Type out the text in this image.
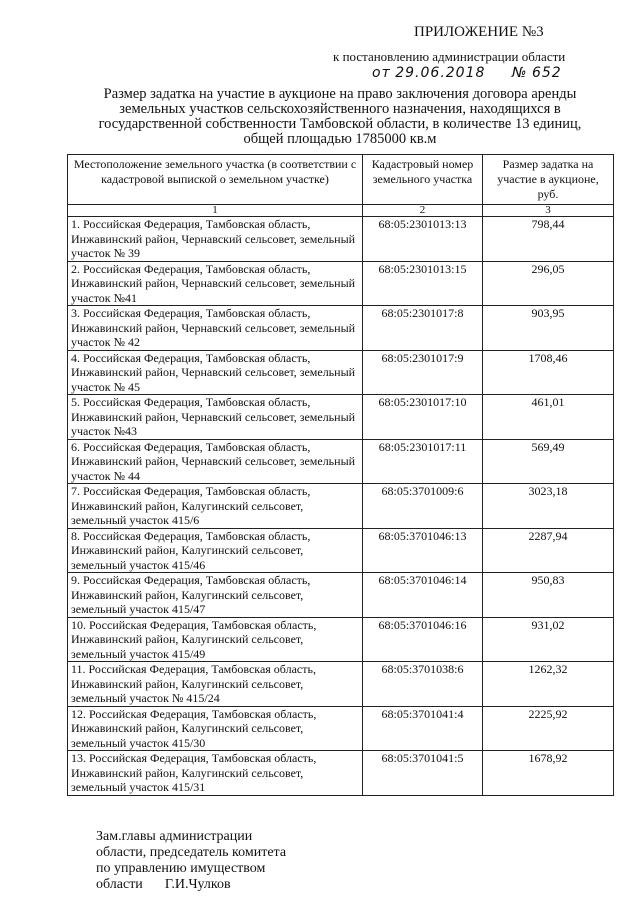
ПРИЛОЖЕНИЕ №3
к постановлению администрации области
от 29.06.2018 № 652
Размер задатка на участие в аукционе на право заключения договора аренды
земельных участков сельскохозяйственного назначения, находящихся в
государственной собственности Тамбовской области, в количестве 13 единиц,
общей площадью 1785000 кв.м
Местоположение земельного участка (в соответствии с кадастровой выпиской о земельном участке)	Кадастровый номер земельного участка	Размер задатка на участие в аукционе, руб.
1	2	3
1. Российская Федерация, Тамбовская область, Инжавинский район, Чернавский сельсовет, земельный участок № 39	68:05:2301013:13	798,44
2. Российская Федерация, Тамбовская область, Инжавинский район, Чернавский сельсовет, земельный участок №41	68:05:2301013:15	296,05
3. Российская Федерация, Тамбовская область, Инжавинский район, Чернавский сельсовет, земельный участок № 42	68:05:2301017:8	903,95
4. Российская Федерация, Тамбовская область, Инжавинский район, Чернавский сельсовет, земельный участок № 45	68:05:2301017:9	1708,46
5. Российская Федерация, Тамбовская область, Инжавинский район, Чернавский сельсовет, земельный участок №43	68:05:2301017:10	461,01
6. Российская Федерация, Тамбовская область, Инжавинский район, Чернавский сельсовет, земельный участок № 44	68:05:2301017:11	569,49
7. Российская Федерация, Тамбовская область, Инжавинский район, Калугинский сельсовет, земельный участок 415/6	68:05:3701009:6	3023,18
8. Российская Федерация, Тамбовская область, Инжавинский район, Калугинский сельсовет, земельный участок 415/46	68:05:3701046:13	2287,94
9. Российская Федерация, Тамбовская область, Инжавинский район, Калугинский сельсовет, земельный участок 415/47	68:05:3701046:14	950,83
10. Российская Федерация, Тамбовская область, Инжавинский район, Калугинский сельсовет, земельный участок 415/49	68:05:3701046:16	931,02
11. Российская Федерация, Тамбовская область, Инжавинский район, Калугинский сельсовет, земельный участок № 415/24	68:05:3701038:6	1262,32
12. Российская Федерация, Тамбовская область, Инжавинский район, Калугинский сельсовет, земельный участок 415/30	68:05:3701041:4	2225,92
13. Российская Федерация, Тамбовская область, Инжавинский район, Калугинский сельсовет, земельный участок 415/31	68:05:3701041:5	1678,92
Зам.главы администрации
области, председатель комитета
по управлению имуществом
области Г.И.Чулков
